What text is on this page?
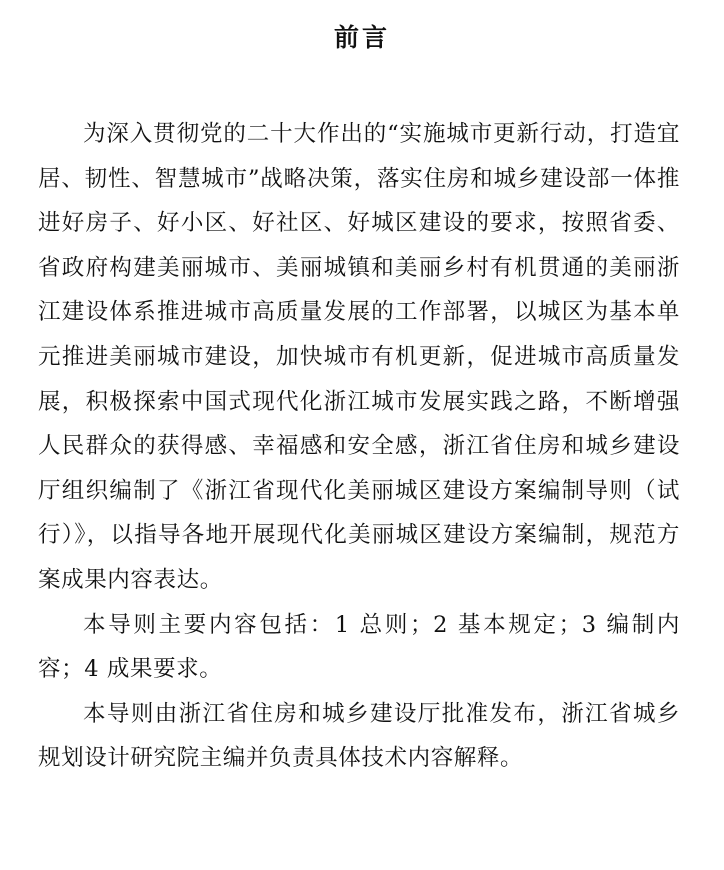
前言

为深入贯彻党的二十大作出的“实施城市更新行动，打造宜居、韧性、智慧城市”战略决策，落实住房和城乡建设部一体推进好房子、好小区、好社区、好城区建设的要求，按照省委、省政府构建美丽城市、美丽城镇和美丽乡村有机贯通的美丽浙江建设体系推进城市高质量发展的工作部署，以城区为基本单元推进美丽城市建设，加快城市有机更新，促进城市高质量发展，积极探索中国式现代化浙江城市发展实践之路，不断增强人民群众的获得感、幸福感和安全感，浙江省住房和城乡建设厅组织编制了《浙江省现代化美丽城区建设方案编制导则（试行）》，以指导各地开展现代化美丽城区建设方案编制，规范方案成果内容表达。

本导则主要内容包括：1 总则；2 基本规定；3 编制内容；4 成果要求。

本导则由浙江省住房和城乡建设厅批准发布，浙江省城乡规划设计研究院主编并负责具体技术内容解释。
